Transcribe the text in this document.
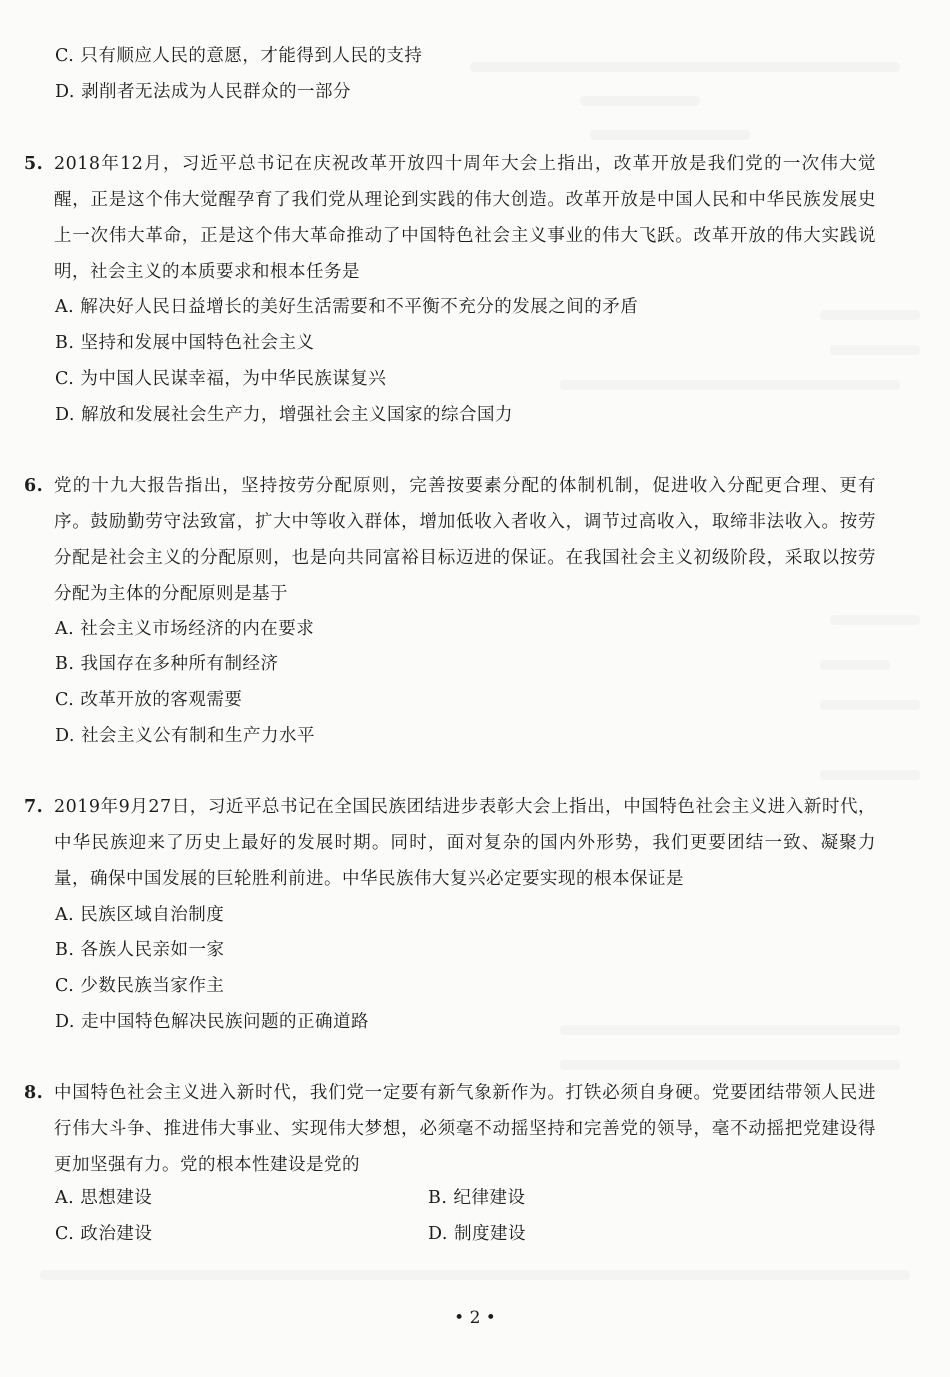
C. 只有顺应人民的意愿，才能得到人民的支持
D. 剥削者无法成为人民群众的一部分
5. 2018年12月，习近平总书记在庆祝改革开放四十周年大会上指出，改革开放是我们党的一次伟大觉醒，正是这个伟大觉醒孕育了我们党从理论到实践的伟大创造。改革开放是中国人民和中华民族发展史上一次伟大革命，正是这个伟大革命推动了中国特色社会主义事业的伟大飞跃。改革开放的伟大实践说明，社会主义的本质要求和根本任务是
A. 解决好人民日益增长的美好生活需要和不平衡不充分的发展之间的矛盾
B. 坚持和发展中国特色社会主义
C. 为中国人民谋幸福，为中华民族谋复兴
D. 解放和发展社会生产力，增强社会主义国家的综合国力
6. 党的十九大报告指出，坚持按劳分配原则，完善按要素分配的体制机制，促进收入分配更合理、更有序。鼓励勤劳守法致富，扩大中等收入群体，增加低收入者收入，调节过高收入，取缔非法收入。按劳分配是社会主义的分配原则，也是向共同富裕目标迈进的保证。在我国社会主义初级阶段，采取以按劳分配为主体的分配原则是基于
A. 社会主义市场经济的内在要求
B. 我国存在多种所有制经济
C. 改革开放的客观需要
D. 社会主义公有制和生产力水平
7. 2019年9月27日，习近平总书记在全国民族团结进步表彰大会上指出，中国特色社会主义进入新时代，中华民族迎来了历史上最好的发展时期。同时，面对复杂的国内外形势，我们更要团结一致、凝聚力量，确保中国发展的巨轮胜利前进。中华民族伟大复兴必定要实现的根本保证是
A. 民族区域自治制度
B. 各族人民亲如一家
C. 少数民族当家作主
D. 走中国特色解决民族问题的正确道路
8. 中国特色社会主义进入新时代，我们党一定要有新气象新作为。打铁必须自身硬。党要团结带领人民进行伟大斗争、推进伟大事业、实现伟大梦想，必须毫不动摇坚持和完善党的领导，毫不动摇把党建设得更加坚强有力。党的根本性建设是党的
A. 思想建设	B. 纪律建设
C. 政治建设	D. 制度建设
• 2 •
